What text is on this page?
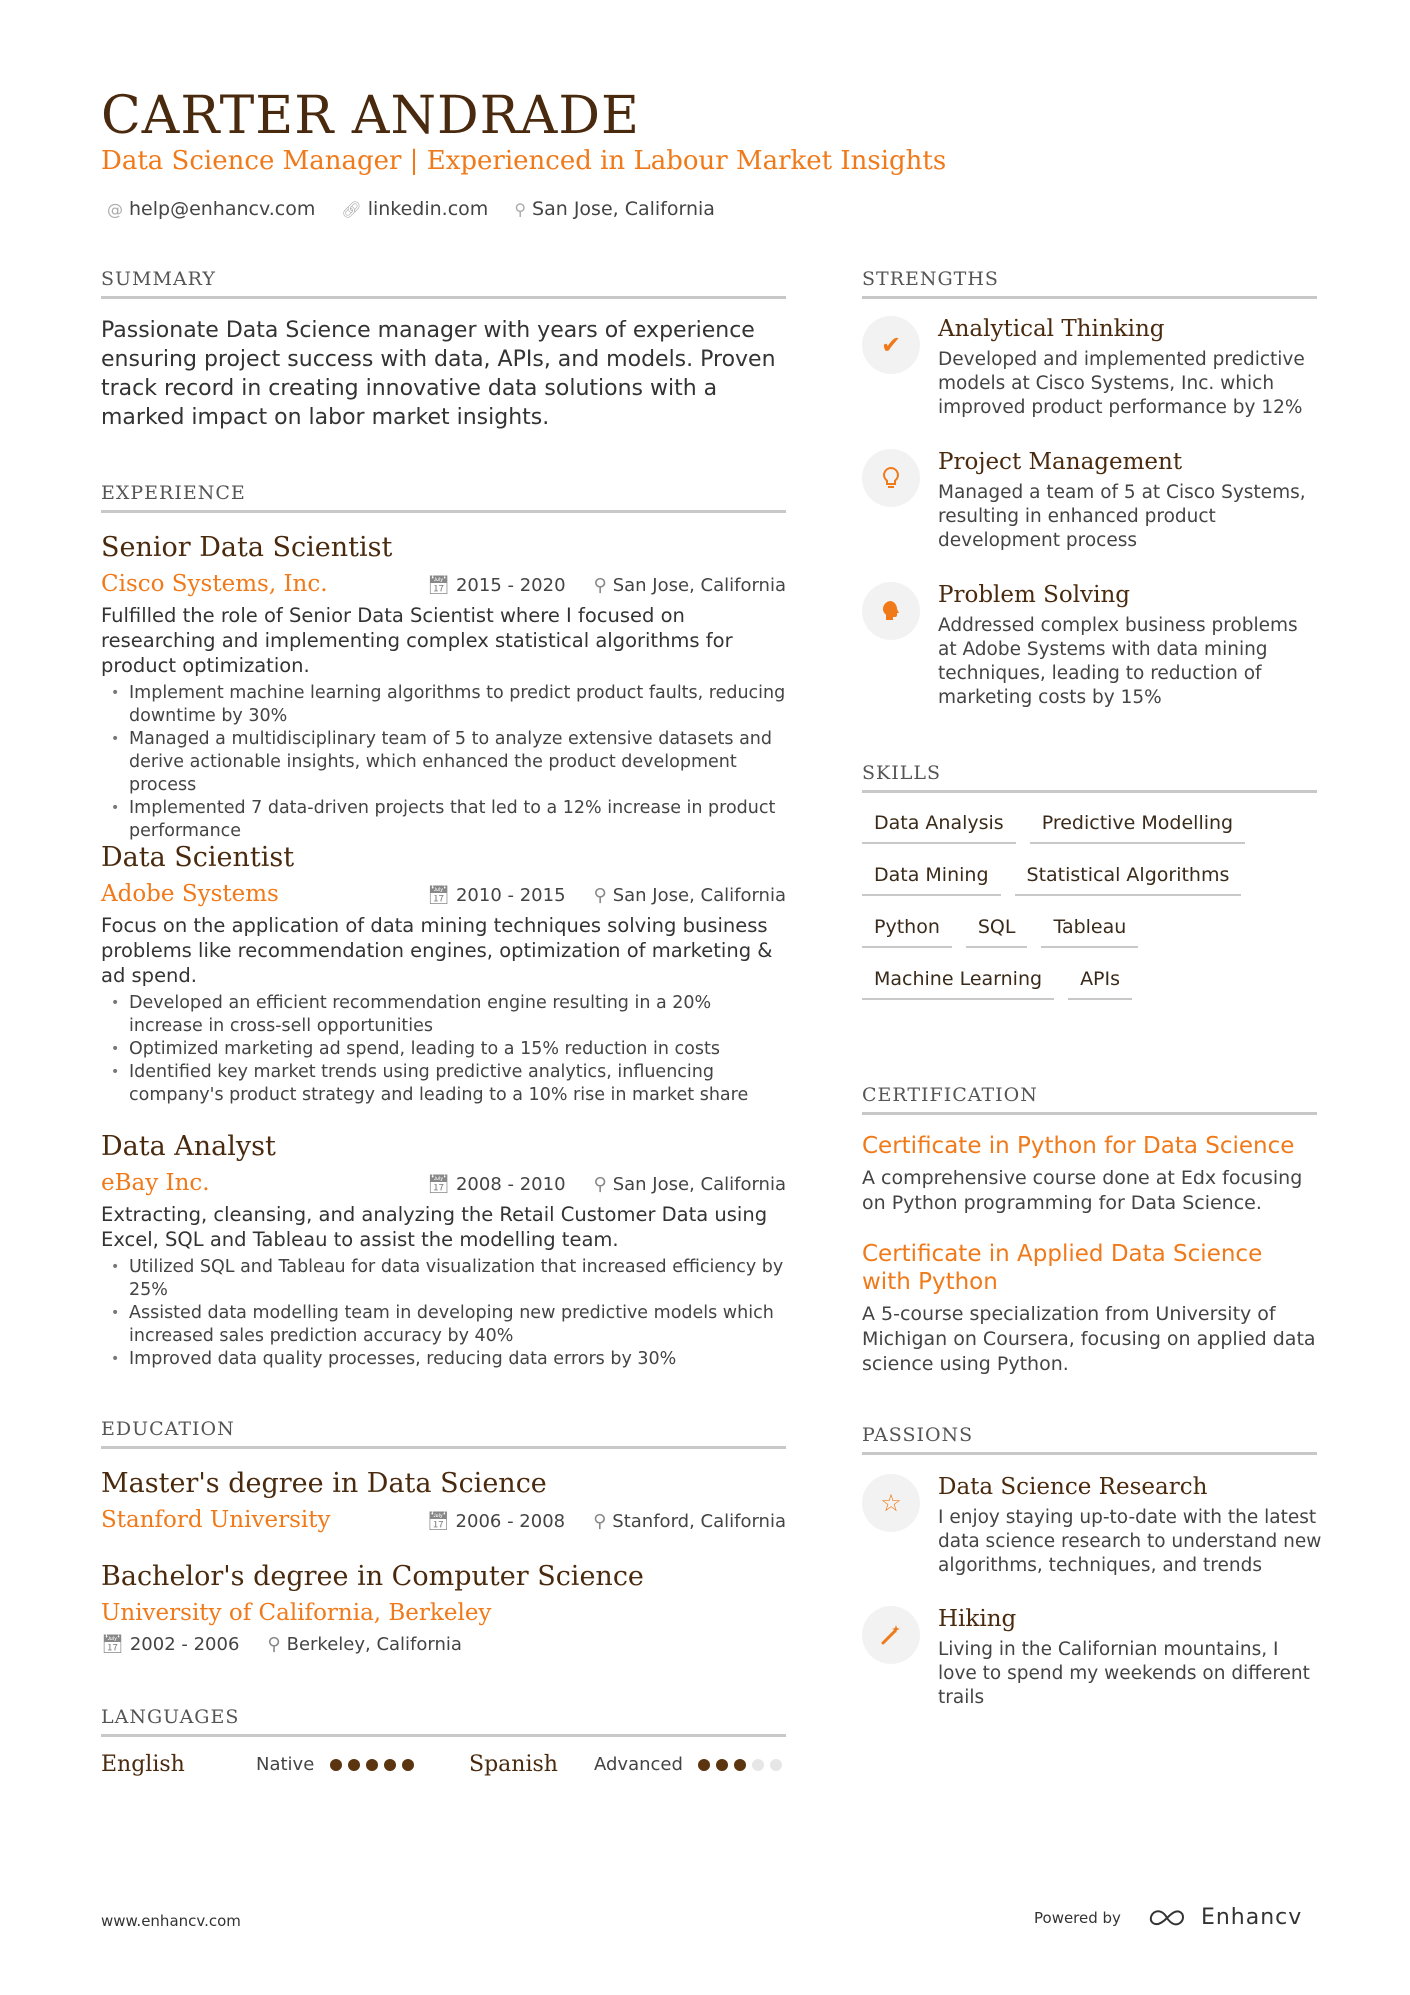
CARTER ANDRADE
Data Science Manager | Experienced in Labour Market Insights
@ help@enhancv.com 🔗︎ linkedin.com ⚲ San Jose, California
SUMMARY
Passionate Data Science manager with years of experience ensuring project success with data, APIs, and models. Proven track record in creating innovative data solutions with a marked impact on labor market insights.
EXPERIENCE
Senior Data Scientist
Cisco Systems, Inc.	📅︎ 2015 - 2020 ⚲ San Jose, California
Fulfilled the role of Senior Data Scientist where I focused on researching and implementing complex statistical algorithms for product optimization.
• Implement machine learning algorithms to predict product faults, reducing downtime by 30%
• Managed a multidisciplinary team of 5 to analyze extensive datasets and derive actionable insights, which enhanced the product development process
• Implemented 7 data-driven projects that led to a 12% increase in product performance
Data Scientist
Adobe Systems	📅︎ 2010 - 2015 ⚲ San Jose, California
Focus on the application of data mining techniques solving business problems like recommendation engines, optimization of marketing & ad spend.
• Developed an efficient recommendation engine resulting in a 20% increase in cross-sell opportunities
• Optimized marketing ad spend, leading to a 15% reduction in costs
• Identified key market trends using predictive analytics, influencing company's product strategy and leading to a 10% rise in market share
Data Analyst
eBay Inc.	📅︎ 2008 - 2010 ⚲ San Jose, California
Extracting, cleansing, and analyzing the Retail Customer Data using Excel, SQL and Tableau to assist the modelling team.
• Utilized SQL and Tableau for data visualization that increased efficiency by 25%
• Assisted data modelling team in developing new predictive models which increased sales prediction accuracy by 40%
• Improved data quality processes, reducing data errors by 30%
EDUCATION
Master's degree in Data Science
Stanford University	📅︎ 2006 - 2008 ⚲ Stanford, California
Bachelor's degree in Computer Science
University of California, Berkeley
📅︎ 2002 - 2006 ⚲ Berkeley, California
LANGUAGES
English	Native	Spanish	Advanced
STRENGTHS
✔
Analytical Thinking
Developed and implemented predictive models at Cisco Systems, Inc. which improved product performance by 12%
Project Management
Managed a team of 5 at Cisco Systems, resulting in enhanced product development process
Problem Solving
Addressed complex business problems at Adobe Systems with data mining techniques, leading to reduction of marketing costs by 15%
SKILLS
Data Analysis	Predictive Modelling
Data Mining	Statistical Algorithms
Python	SQL	Tableau
Machine Learning	APIs
CERTIFICATION
Certificate in Python for Data Science
A comprehensive course done at Edx focusing on Python programming for Data Science.
Certificate in Applied Data Science with Python
A 5-course specialization from University of Michigan on Coursera, focusing on applied data science using Python.
PASSIONS
☆
Data Science Research
I enjoy staying up-to-date with the latest data science research to understand new algorithms, techniques, and trends
Hiking
Living in the Californian mountains, I love to spend my weekends on different trails
www.enhancv.com	Powered by	Enhancv
